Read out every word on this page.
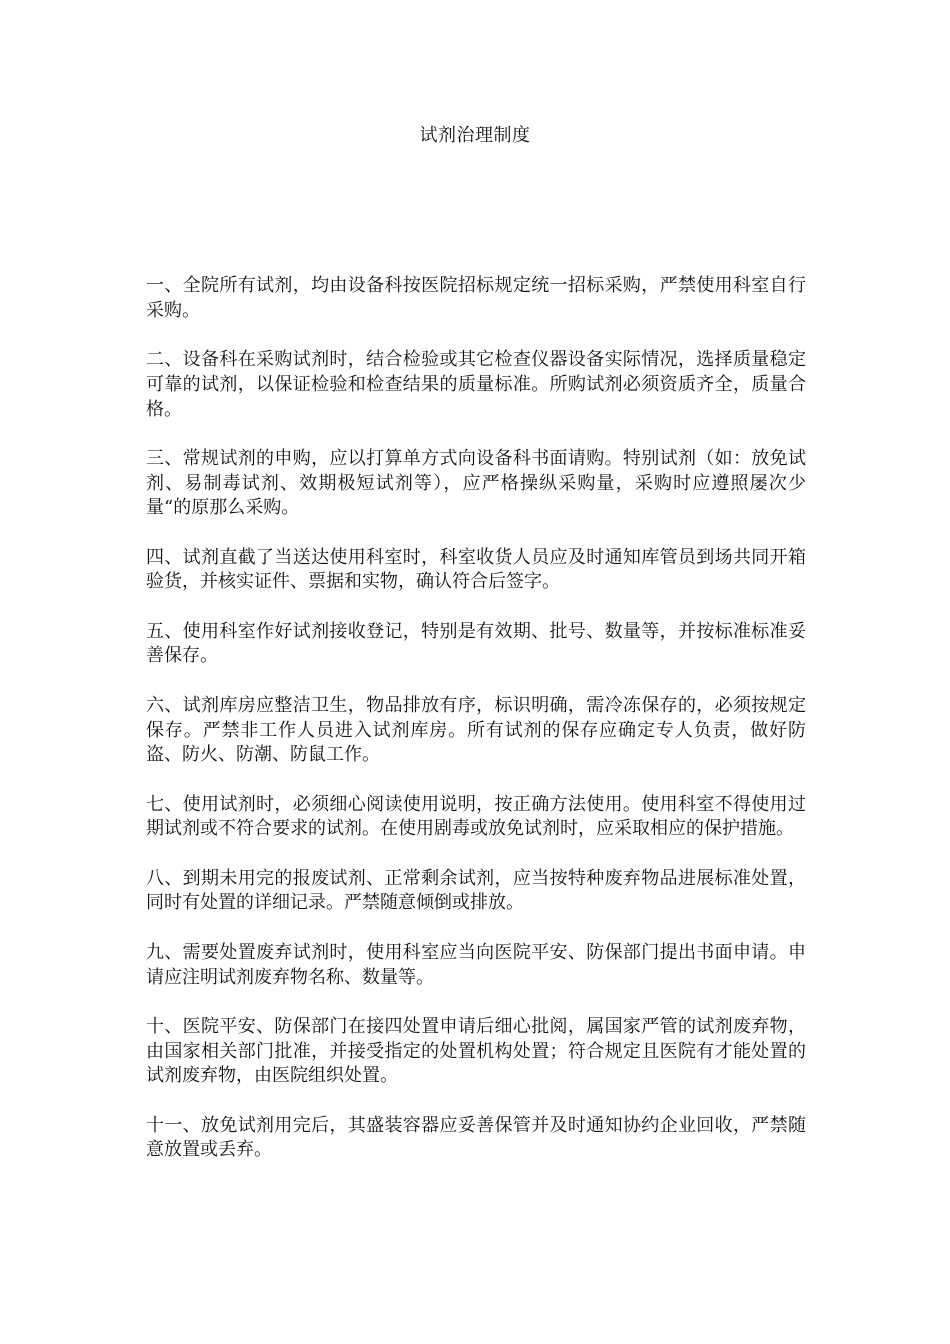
试剂治理制度

一、全院所有试剂，均由设备科按医院招标规定统一招标采购，严禁使用科室自行采购。

二、设备科在采购试剂时，结合检验或其它检查仪器设备实际情况，选择质量稳定可靠的试剂，以保证检验和检查结果的质量标准。所购试剂必须资质齐全，质量合格。

三、常规试剂的申购，应以打算单方式向设备科书面请购。特别试剂（如：放免试剂、易制毒试剂、效期极短试剂等），应严格操纵采购量，采购时应遵照屡次少量“的原那么采购。

四、试剂直截了当送达使用科室时，科室收货人员应及时通知库管员到场共同开箱验货，并核实证件、票据和实物，确认符合后签字。

五、使用科室作好试剂接收登记，特别是有效期、批号、数量等，并按标准标准妥善保存。

六、试剂库房应整洁卫生，物品排放有序，标识明确，需冷冻保存的，必须按规定保存。严禁非工作人员进入试剂库房。所有试剂的保存应确定专人负责，做好防盗、防火、防潮、防鼠工作。

七、使用试剂时，必须细心阅读使用说明，按正确方法使用。使用科室不得使用过期试剂或不符合要求的试剂。在使用剧毒或放免试剂时，应采取相应的保护措施。

八、到期未用完的报废试剂、正常剩余试剂，应当按特种废弃物品进展标准处置，同时有处置的详细记录。严禁随意倾倒或排放。

九、需要处置废弃试剂时，使用科室应当向医院平安、防保部门提出书面申请。申请应注明试剂废弃物名称、数量等。

十、医院平安、防保部门在接四处置申请后细心批阅，属国家严管的试剂废弃物，由国家相关部门批准，并接受指定的处置机构处置；符合规定且医院有才能处置的试剂废弃物，由医院组织处置。

十一、放免试剂用完后，其盛装容器应妥善保管并及时通知协约企业回收，严禁随意放置或丢弃。
